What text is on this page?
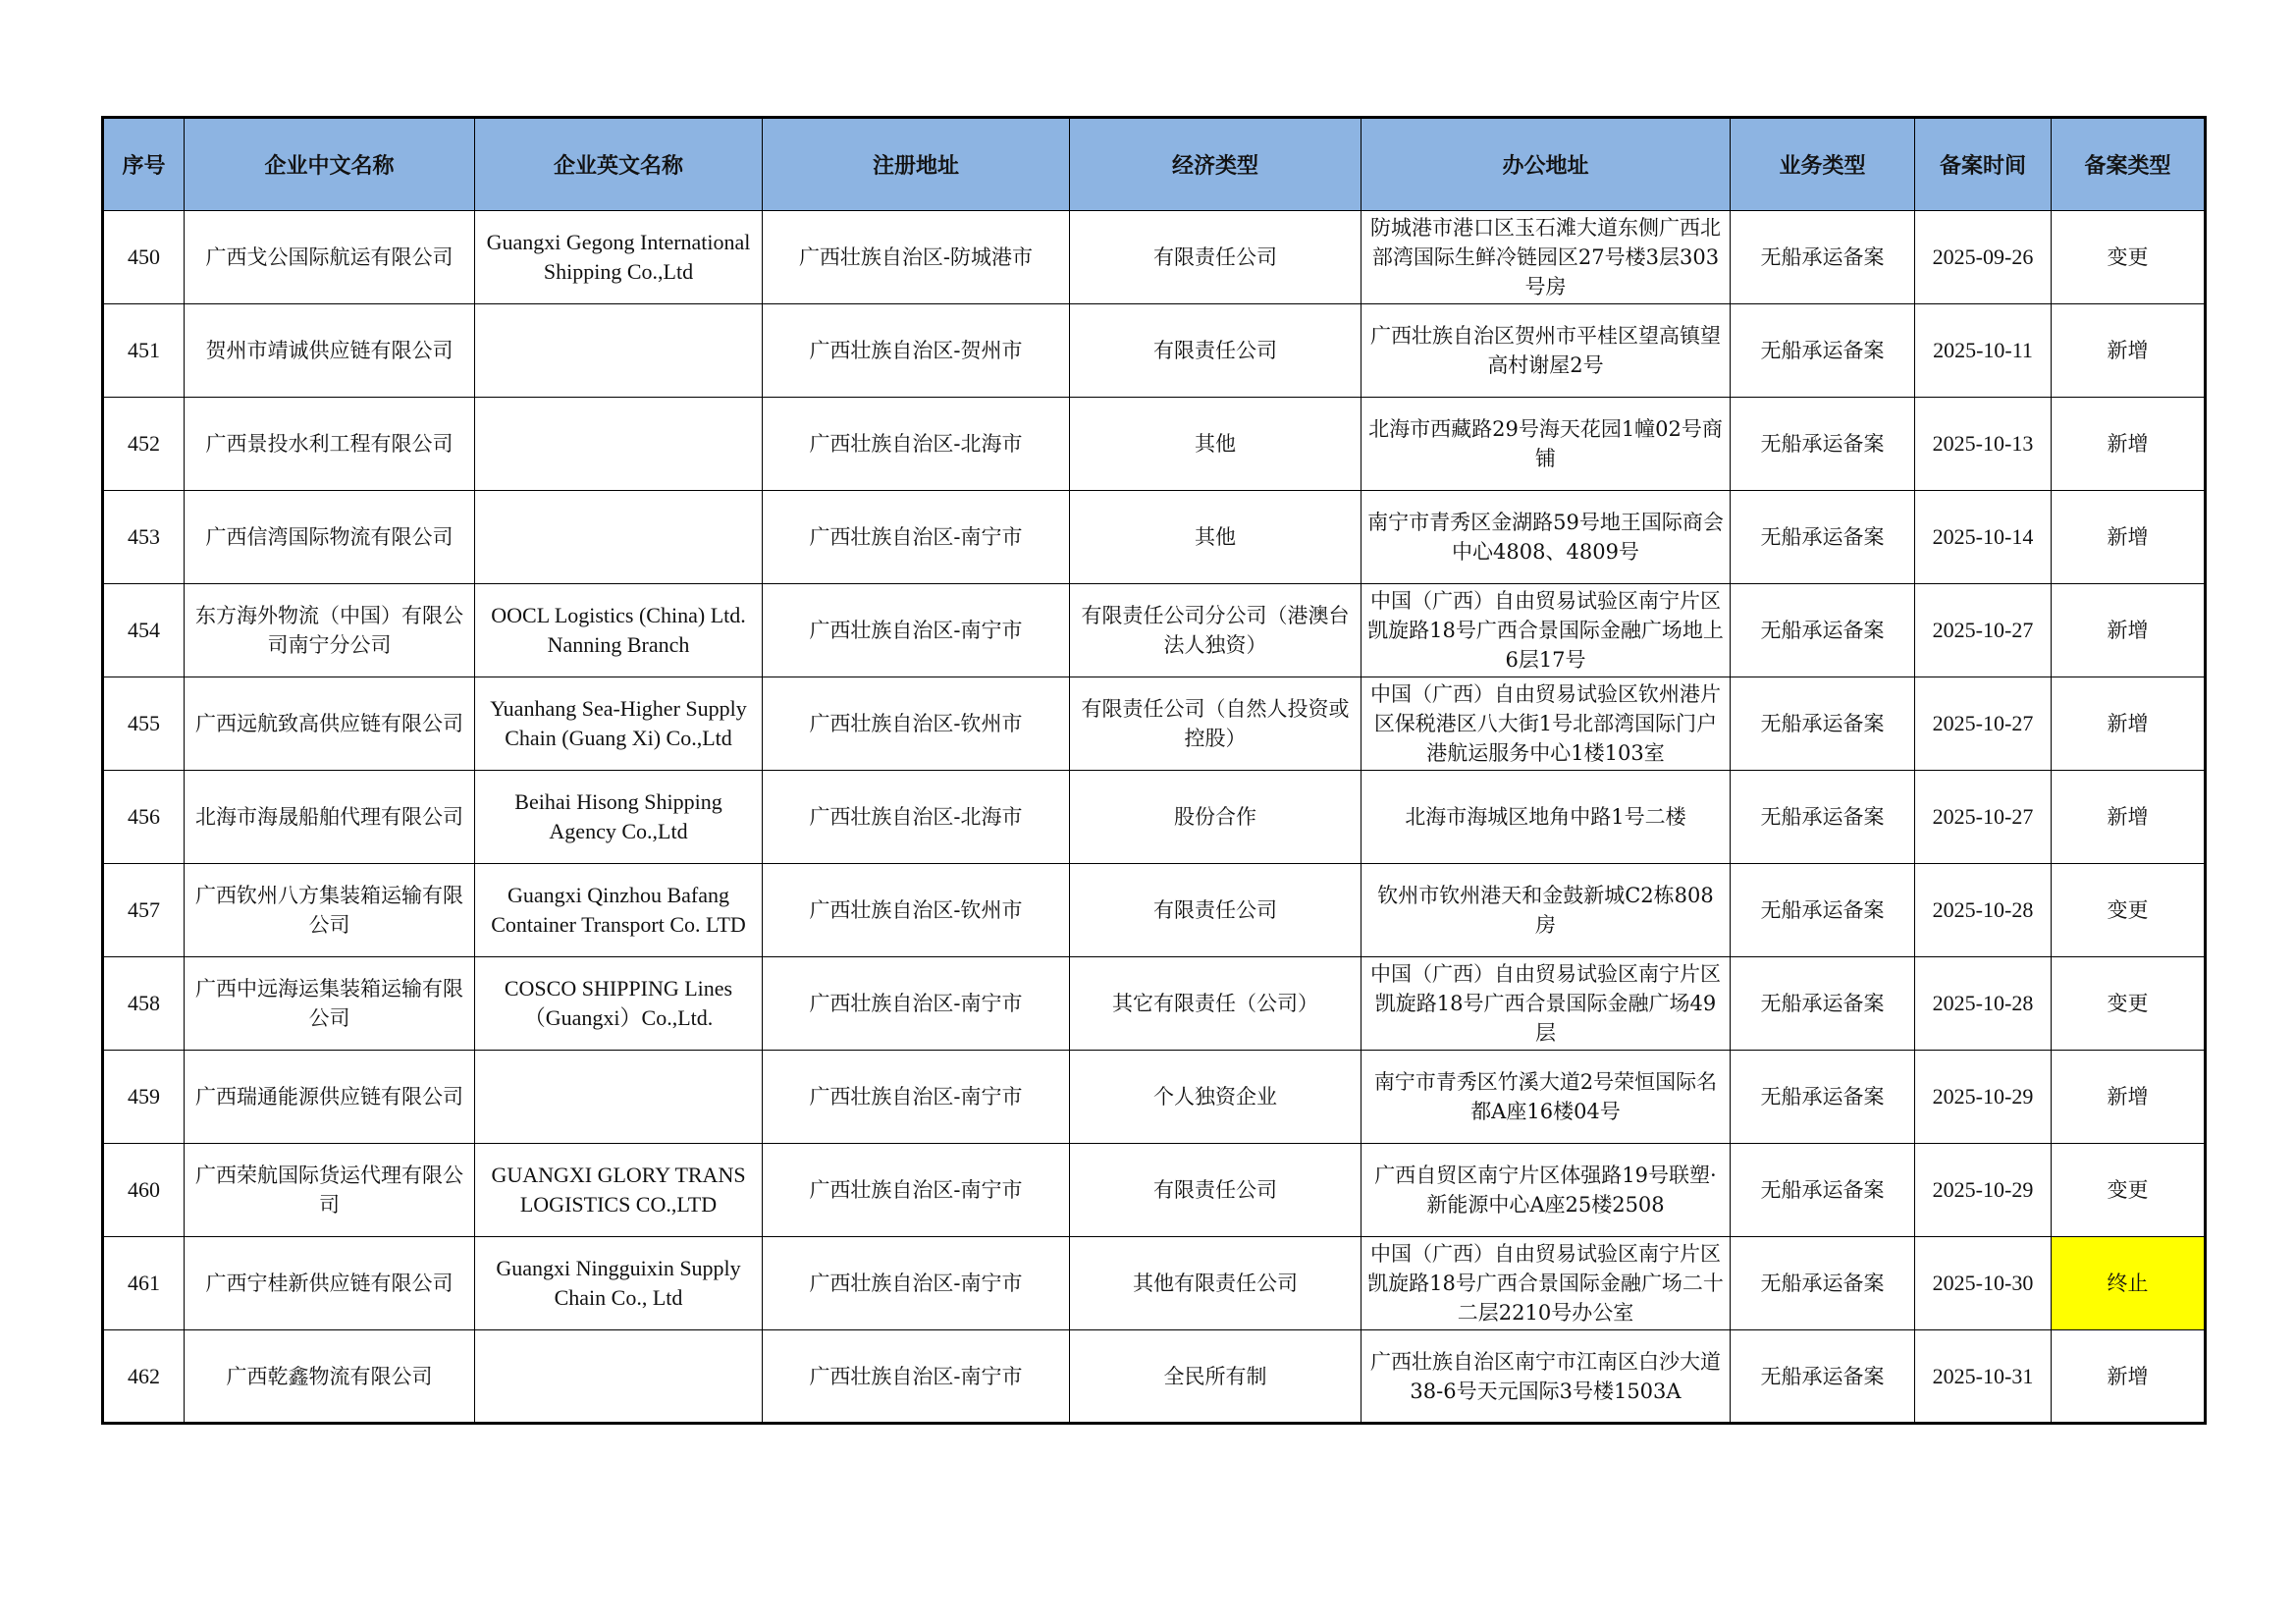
序号	企业中文名称	企业英文名称	注册地址	经济类型	办公地址	业务类型	备案时间	备案类型
450	广西戈公国际航运有限公司	Guangxi Gegong International Shipping Co.,Ltd	广西壮族自治区-防城港市	有限责任公司	防城港市港口区玉石滩大道东侧广西北部湾国际生鲜冷链园区27号楼3层303号房	无船承运备案	2025-09-26	变更
451	贺州市靖诚供应链有限公司		广西壮族自治区-贺州市	有限责任公司	广西壮族自治区贺州市平桂区望高镇望高村谢屋2号	无船承运备案	2025-10-11	新增
452	广西景投水利工程有限公司		广西壮族自治区-北海市	其他	北海市西藏路29号海天花园1幢02号商铺	无船承运备案	2025-10-13	新增
453	广西信湾国际物流有限公司		广西壮族自治区-南宁市	其他	南宁市青秀区金湖路59号地王国际商会中心4808、4809号	无船承运备案	2025-10-14	新增
454	东方海外物流（中国）有限公司南宁分公司	OOCL Logistics (China) Ltd. Nanning Branch	广西壮族自治区-南宁市	有限责任公司分公司（港澳台法人独资）	中国（广西）自由贸易试验区南宁片区凯旋路18号广西合景国际金融广场地上6层17号	无船承运备案	2025-10-27	新增
455	广西远航致高供应链有限公司	Yuanhang Sea-Higher Supply Chain (Guang Xi) Co.,Ltd	广西壮族自治区-钦州市	有限责任公司（自然人投资或控股）	中国（广西）自由贸易试验区钦州港片区保税港区八大街1号北部湾国际门户港航运服务中心1楼103室	无船承运备案	2025-10-27	新增
456	北海市海晟船舶代理有限公司	Beihai Hisong Shipping Agency Co.,Ltd	广西壮族自治区-北海市	股份合作	北海市海城区地角中路1号二楼	无船承运备案	2025-10-27	新增
457	广西钦州八方集装箱运输有限公司	Guangxi Qinzhou Bafang Container Transport Co. LTD	广西壮族自治区-钦州市	有限责任公司	钦州市钦州港天和金鼓新城C2栋808房	无船承运备案	2025-10-28	变更
458	广西中远海运集装箱运输有限公司	COSCO SHIPPING Lines（Guangxi）Co.,Ltd.	广西壮族自治区-南宁市	其它有限责任（公司）	中国（广西）自由贸易试验区南宁片区凯旋路18号广西合景国际金融广场49层	无船承运备案	2025-10-28	变更
459	广西瑞通能源供应链有限公司		广西壮族自治区-南宁市	个人独资企业	南宁市青秀区竹溪大道2号荣恒国际名都A座16楼04号	无船承运备案	2025-10-29	新增
460	广西荣航国际货运代理有限公司	GUANGXI GLORY TRANS LOGISTICS CO.,LTD	广西壮族自治区-南宁市	有限责任公司	广西自贸区南宁片区体强路19号联塑·新能源中心A座25楼2508	无船承运备案	2025-10-29	变更
461	广西宁桂新供应链有限公司	Guangxi Ningguixin Supply Chain Co., Ltd	广西壮族自治区-南宁市	其他有限责任公司	中国（广西）自由贸易试验区南宁片区凯旋路18号广西合景国际金融广场二十二层2210号办公室	无船承运备案	2025-10-30	终止
462	广西乾鑫物流有限公司		广西壮族自治区-南宁市	全民所有制	广西壮族自治区南宁市江南区白沙大道38-6号天元国际3号楼1503A	无船承运备案	2025-10-31	新增
